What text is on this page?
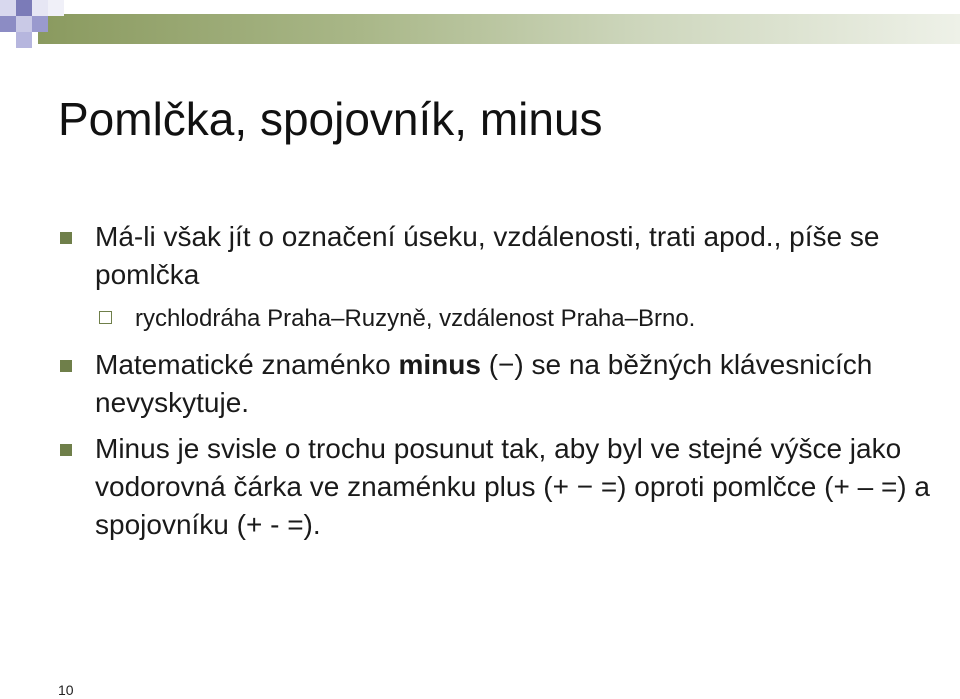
Pomlčka, spojovník, minus

Má-li však jít o označení úseku, vzdálenosti, trati apod., píše se pomlčka

rychlodráha Praha–Ruzyně, vzdálenost Praha–Brno.

Matematické znaménko minus (−) se na běžných klávesnicích nevyskytuje.

Minus je svisle o trochu posunut tak, aby byl ve stejné výšce jako vodorovná čárka ve znaménku plus (+ − =) oproti pomlčce (+ – =) a spojovníku (+ - =).

10
